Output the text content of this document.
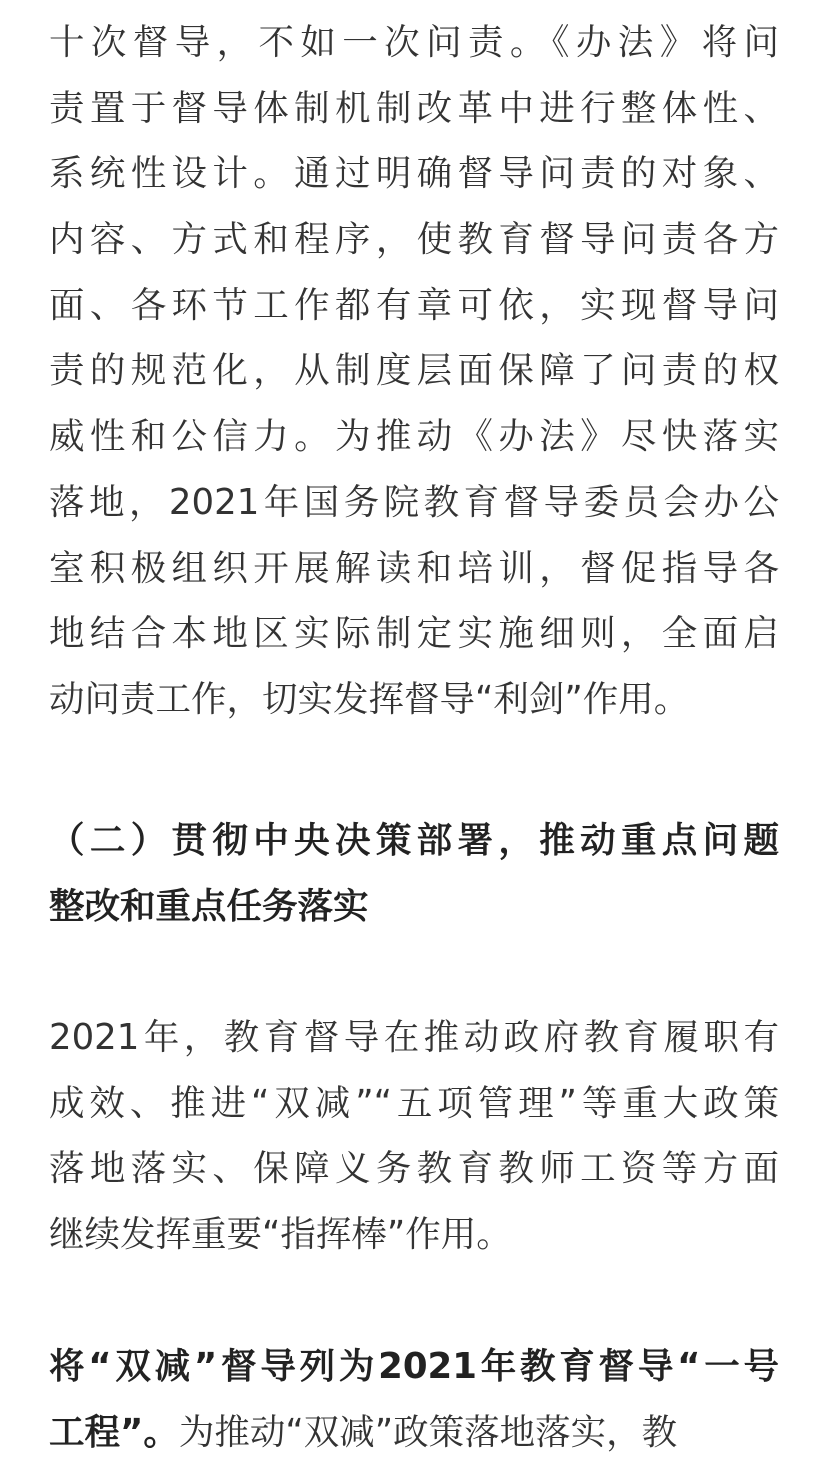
十次督导，不如一次问责。《办法》将问
责置于督导体制机制改革中进行整体性、
系统性设计。通过明确督导问责的对象、
内容、方式和程序，使教育督导问责各方
面、各环节工作都有章可依，实现督导问
责的规范化，从制度层面保障了问责的权
威性和公信力。为推动《办法》尽快落实
落地，2021年国务院教育督导委员会办公
室积极组织开展解读和培训，督促指导各
地结合本地区实际制定实施细则，全面启
动问责工作，切实发挥督导“利剑”作用。
（二）贯彻中央决策部署，推动重点问题
整改和重点任务落实
2021年，教育督导在推动政府教育履职有
成效、推进“双减”“五项管理”等重大政策
落地落实、保障义务教育教师工资等方面
继续发挥重要“指挥棒”作用。
将“双减”督导列为2021年教育督导“一号
工程”。为推动“双减”政策落地落实，教
